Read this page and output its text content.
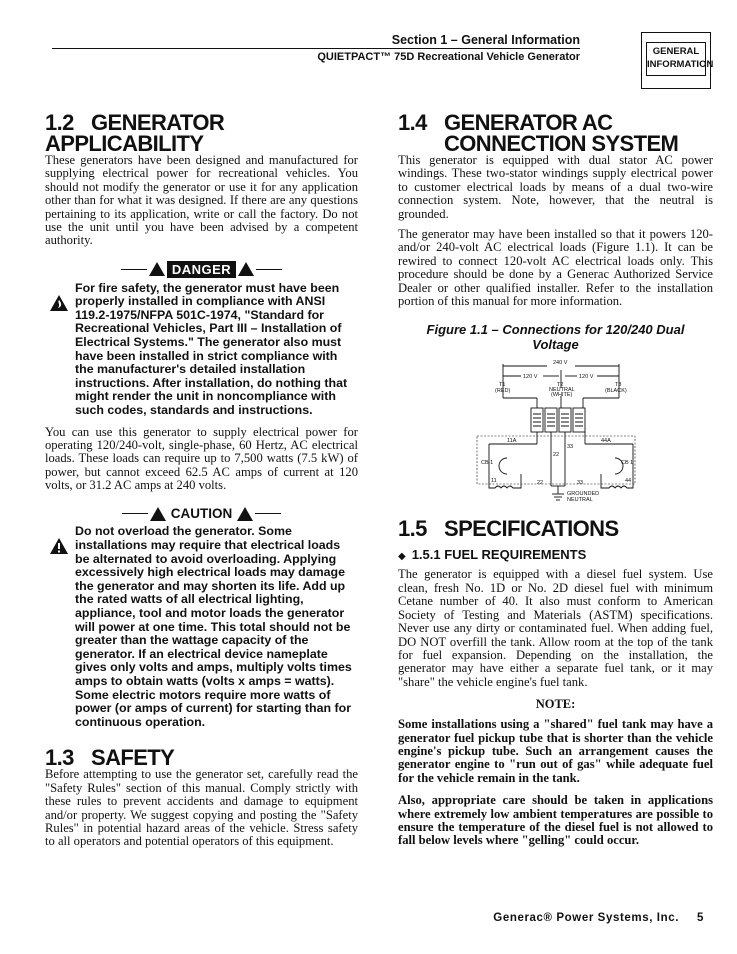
Section 1 – General Information
QUIETPACT™ 75D Recreational Vehicle Generator	GENERAL
INFORMATION
1.2 GENERATOR APPLICABILITY

These generators have been designed and manufactured for supplying electrical power for recreational vehicles. You should not modify the generator or use it for any application other than for what it was designed. If there are any questions pertaining to its application, write or call the factory. Do not use the unit until you have been advised by a competent authority.

DANGER

For fire safety, the generator must have been properly installed in compliance with ANSI 119.2-1975/NFPA 501C-1974, "Standard for Recreational Vehicles, Part III – Installation of Electrical Systems." The generator also must have been installed in strict compliance with the manufacturer's detailed installation instructions. After installation, do nothing that might render the unit in noncompliance with such codes, standards and instructions.

You can use this generator to supply electrical power for operating 120/240-volt, single-phase, 60 Hertz, AC electrical loads. These loads can require up to 7,500 watts (7.5 kW) of power, but cannot exceed 62.5 AC amps of current at 120 volts, or 31.2 AC amps at 240 volts.

CAUTION

Do not overload the generator. Some installations may require that electrical loads be alternated to avoid overloading. Applying excessively high electrical loads may damage the generator and may shorten its life. Add up the rated watts of all electrical lighting, appliance, tool and motor loads the generator will power at one time. This total should not be greater than the wattage capacity of the generator. If an electrical device nameplate gives only volts and amps, multiply volts times amps to obtain watts (volts x amps = watts). Some electric motors require more watts of power (or amps of current) for starting than for continuous operation.

1.3 SAFETY

Before attempting to use the generator set, carefully read the "Safety Rules" section of this manual. Comply strictly with these rules to prevent accidents and damage to equipment and/or property. We suggest copying and posting the "Safety Rules" in potential hazard areas of the vehicle. Stress safety to all operators and potential operators of this equipment.

1.4 GENERATOR AC
CONNECTION SYSTEM

This generator is equipped with dual stator AC power windings. These two-stator windings supply electrical power to customer electrical loads by means of a dual two-wire connection system. Note, however, that the neutral is grounded.

The generator may have been installed so that it powers 120- and/or 240-volt AC electrical loads (Figure 1.1). It can be rewired to connect 120-volt AC electrical loads only. This procedure should be done by a Generac Authorized Service Dealer or other qualified installer. Refer to the installation portion of this manual for more information.

Figure 1.1 – Connections for 120/240 Dual
Voltage
240 V
120 V	120 V
T1
(RED)
T2
NEUTRAL
(WHITE)
T3
(BLACK)
11A	44A
CB 1	CB 1
22
33
11	44
22	33
GROUNDED
NEUTRAL
1.5 SPECIFICATIONS
◆ 1.5.1 FUEL REQUIREMENTS

The generator is equipped with a diesel fuel system. Use clean, fresh No. 1D or No. 2D diesel fuel with minimum Cetane number of 40. It also must conform to American Society of Testing and Materials (ASTM) specifications. Never use any dirty or contaminated fuel. When adding fuel, DO NOT overfill the tank. Allow room at the top of the tank for fuel expansion. Depending on the installation, the generator may have either a separate fuel tank, or it may "share" the vehicle engine's fuel tank.

NOTE:

Some installations using a "shared" fuel tank may have a generator fuel pickup tube that is shorter than the vehicle engine's pickup tube. Such an arrangement causes the generator engine to "run out of gas" while adequate fuel for the vehicle remain in the tank.

Also, appropriate care should be taken in applications where extremely low ambient temperatures are possible to ensure the temperature of the diesel fuel is not allowed to fall below levels where "gelling" could occur.

Generac® Power Systems, Inc. 5
